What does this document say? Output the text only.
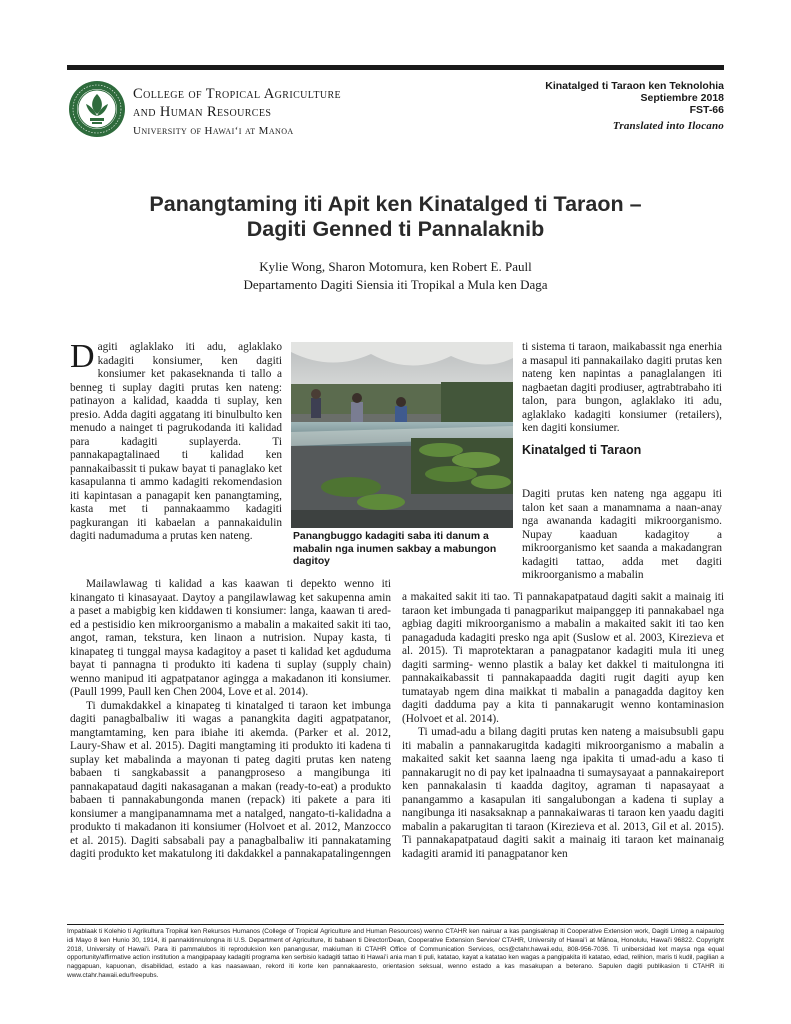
College of Tropical Agriculture
and Human Resources
University of Hawaiʻi at Manoa
Kinatalged ti Taraon ken Teknolohia
Septiembre 2018
FST-66
Translated into Ilocano
Panangtaming iti Apit ken Kinatalged ti Taraon –
Dagiti Genned ti Pannalaknib
Kylie Wong, Sharon Motomura, ken Robert E. Paull
Departamento Dagiti Siensia iti Tropikal a Mula ken Daga

Dagiti aglaklako iti adu, aglaklako kadagiti konsiumer, ken dagiti konsiumer ket pakaseknanda ti tallo a benneg ti suplay dagiti prutas ken nateng: patinayon a kalidad, kaadda ti suplay, ken presio. Adda dagiti aggatang iti binulbulto ken menudo a nainget ti pagrukodanda iti kalidad para kadagiti suplayerda. Ti pannakapagtalinaed ti kalidad ken pannakaibassit ti pukaw bayat ti panaglako ket kasapulanna ti ammo kadagiti rekomendasion iti kapintasan a panagapit ken panangtaming, kasta met ti pannakaammo kadagiti pagkurangan iti kabaelan a pannakaidulin dagiti nadumaduma a prutas ken nateng.	Panangbuggo kadagiti saba iti danum a mabalin nga inumen sakbay a mabungon dagitoy

Mailawlawag ti kalidad a kas kaawan ti depekto wenno iti kinangato ti kinasayaat. Daytoy a pangilawlawag ket sakupenna amin a paset a mabigbig ken kiddawen ti konsiumer: langa, kaawan ti ared-ed a pestisidio ken mikroorganismo a mabalin a makaited sakit iti tao, angot, raman, tekstura, ken linaon a nutrision. Nupay kasta, ti kinapateg ti tunggal maysa kadagitoy a paset ti kalidad ket agduduma bayat ti pannagna ti produkto iti kadena ti suplay (supply chain) wenno manipud iti agpatpatanor agingga a makadanon iti konsiumer. (Paull 1999, Paull ken Chen 2004, Love et al. 2014).

Ti dumakdakkel a kinapateg ti kinatalged ti taraon ket imbunga dagiti panagbalbaliw iti wagas a panangkita dagiti agpatpatanor, mangtamtaming, ken para ibiahe iti akemda. (Parker et al. 2012, Laury-Shaw et al. 2015). Dagiti mangtaming iti produkto iti kadena ti suplay ket mabalinda a mayonan ti pateg dagiti prutas ken nateng babaen ti sangkabassit a panangproseso a mangibunga iti pannakapataud dagiti nakasaganan a makan (ready-to-eat) a produkto babaen ti pannakabungonda manen (repack) iti pakete a para iti konsiumer a mangipanamnama met a natalged, nangato-ti-kalidadna a produkto ti makadanon iti konsiumer (Holvoet et al. 2012, Manzocco et al. 2015). Dagiti sabsabali pay a panagbalbaliw iti pannakataming dagiti produkto ket makatulong iti dakdakkel a pannakapatalingenngen

ti sistema ti taraon, maikabassit nga enerhia a masapul iti pannakailako dagiti prutas ken nateng ken napintas a panaglalangen iti nagbaetan dagiti prodiuser, agtrabtrabaho iti talon, para bungon, aglaklako iti adu, aglaklako kadagiti konsiumer (retailers), ken dagiti konsiumer.

Kinatalged ti Taraon

Dagiti prutas ken nateng nga aggapu iti talon ket saan a manamnama a naan-anay nga awananda kadagiti mikroorganismo. Nupay kaaduan kadagitoy a mikroorganismo ket saanda a makadangran kadagiti tattao, adda met dagiti mikroorganismo a mabalin

a makaited sakit iti tao. Ti pannakapatpataud dagiti sakit a mainaig iti taraon ket imbungada ti panagparikut maipanggep iti pannakabael nga agbiag dagiti mikroorganismo a mabalin a makaited sakit iti tao ken panagaduda kadagiti presko nga apit (Suslow et al. 2003, Kirezieva et al. 2015). Ti maprotektaran a panagpatanor kadagiti mula iti uneg dagiti sarming- wenno plastik a balay ket dakkel ti maitulongna iti pannakaikabassit ti pannakapaadda dagiti rugit dagiti ayup ken tumatayab ngem dina maikkat ti mabalin a panagadda dagitoy ken dagiti dadduma pay a kita ti pannakarugit wenno kontaminasion (Holvoet et al. 2014).

Ti umad-adu a bilang dagiti prutas ken nateng a maisubsubli gapu iti mabalin a pannakarugitda kadagiti mikroorganismo a mabalin a makaited sakit ket saanna laeng nga ipakita ti umad-adu a kaso ti pannakarugit no di pay ket ipalnaadna ti sumaysayaat a pannakaireport ken pannakalasin ti kaadda dagitoy, agraman ti napasayaat a panangammo a kasapulan iti sangalubongan a kadena ti suplay a nangibunga iti nasaksaknap a pannakaiwaras ti taraon ken yaadu dagiti mabalin a pakarugitan ti taraon (Kirezieva et al. 2013, Gil et al. 2015). Ti pannakapatpataud dagiti sakit a mainaig iti taraon ket mainanaig kadagiti aramid iti panagpatanor ken

Impablaak ti Kolehio ti Agrikultura Tropikal ken Rekursos Humanos (College of Tropical Agriculture and Human Resources) wenno CTAHR ken nairuar a kas pangisaknap iti Cooperative Extension work, Dagiti Linteg a naipaulog idi Mayo 8 ken Hunio 30, 1914, iti pannakitinnulongna iti U.S. Department of Agriculture, iti babaen ti Director/Dean, Cooperative Extension Service/ CTAHR, University of Hawaiʻi at Mānoa, Honolulu, Hawaiʻi 96822. Copyright 2018, University of Hawaiʻi. Para iti pammalubos iti reproduksion ken panangusar, makiuman iti CTAHR Office of Communication Services, ocs@ctahr.hawaii.edu, 808-956-7036. Ti unibersidad ket maysa nga equal opportunity/affirmative action institution a mangipapaay kadagiti programa ken serbisio kadagiti tattao iti Hawaiʻi ania man ti puli, katatao, kayat a katatao ken wagas a pangipakita iti katatao, edad, relihion, maris ti kudil, pagilian a naggapuan, kapuonan, disabilidad, estado a kas naasawaan, rekord iti korte ken pannakaaresto, orientasion seksual, wenno estado a kas masakupan a beterano. Sapulen dagiti publikasion ti CTAHR iti www.ctahr.hawaii.edu/freepubs.
